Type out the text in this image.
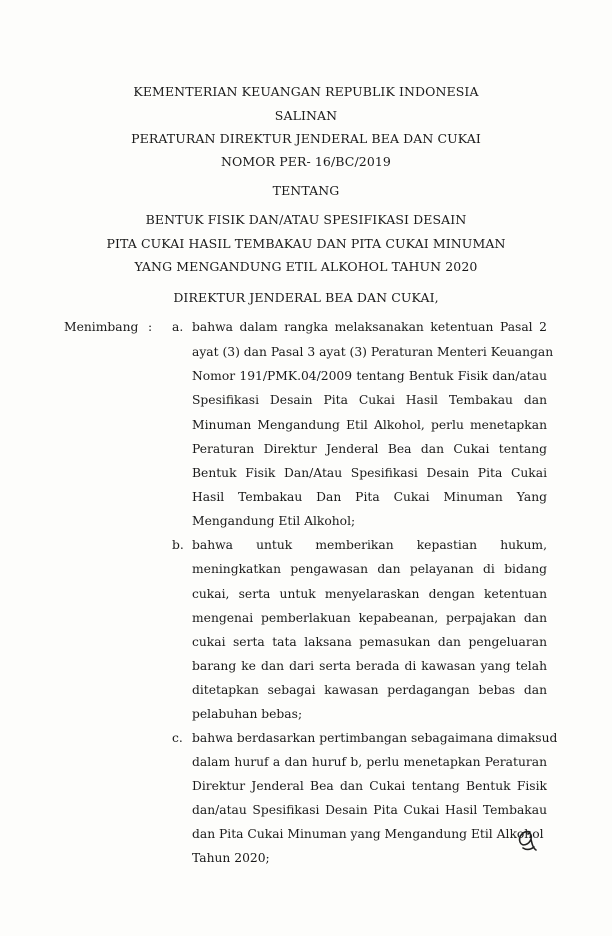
KEMENTERIAN KEUANGAN REPUBLIK INDONESIA
SALINAN
PERATURAN DIREKTUR JENDERAL BEA DAN CUKAI
NOMOR PER- 16/BC/2019
TENTANG
BENTUK FISIK DAN/ATAU SPESIFIKASI DESAIN
PITA CUKAI HASIL TEMBAKAU DAN PITA CUKAI MINUMAN
YANG MENGANDUNG ETIL ALKOHOL TAHUN 2020
DIREKTUR JENDERAL BEA DAN CUKAI,
Menimbang : a. bahwa dalam rangka melaksanakan ketentuan Pasal 2
ayat (3) dan Pasal 3 ayat (3) Peraturan Menteri Keuangan
Nomor 191/PMK.04/2009 tentang Bentuk Fisik dan/atau
Spesifikasi Desain Pita Cukai Hasil Tembakau dan
Minuman Mengandung Etil Alkohol, perlu menetapkan
Peraturan Direktur Jenderal Bea dan Cukai tentang
Bentuk Fisik Dan/Atau Spesifikasi Desain Pita Cukai
Hasil Tembakau Dan Pita Cukai Minuman Yang
Mengandung Etil Alkohol;
b. bahwa untuk memberikan kepastian hukum,
meningkatkan pengawasan dan pelayanan di bidang
cukai, serta untuk menyelaraskan dengan ketentuan
mengenai pemberlakuan kepabeanan, perpajakan dan
cukai serta tata laksana pemasukan dan pengeluaran
barang ke dan dari serta berada di kawasan yang telah
ditetapkan sebagai kawasan perdagangan bebas dan
pelabuhan bebas;
c. bahwa berdasarkan pertimbangan sebagaimana dimaksud
dalam huruf a dan huruf b, perlu menetapkan Peraturan
Direktur Jenderal Bea dan Cukai tentang Bentuk Fisik
dan/atau Spesifikasi Desain Pita Cukai Hasil Tembakau
dan Pita Cukai Minuman yang Mengandung Etil Alkohol
Tahun 2020;
